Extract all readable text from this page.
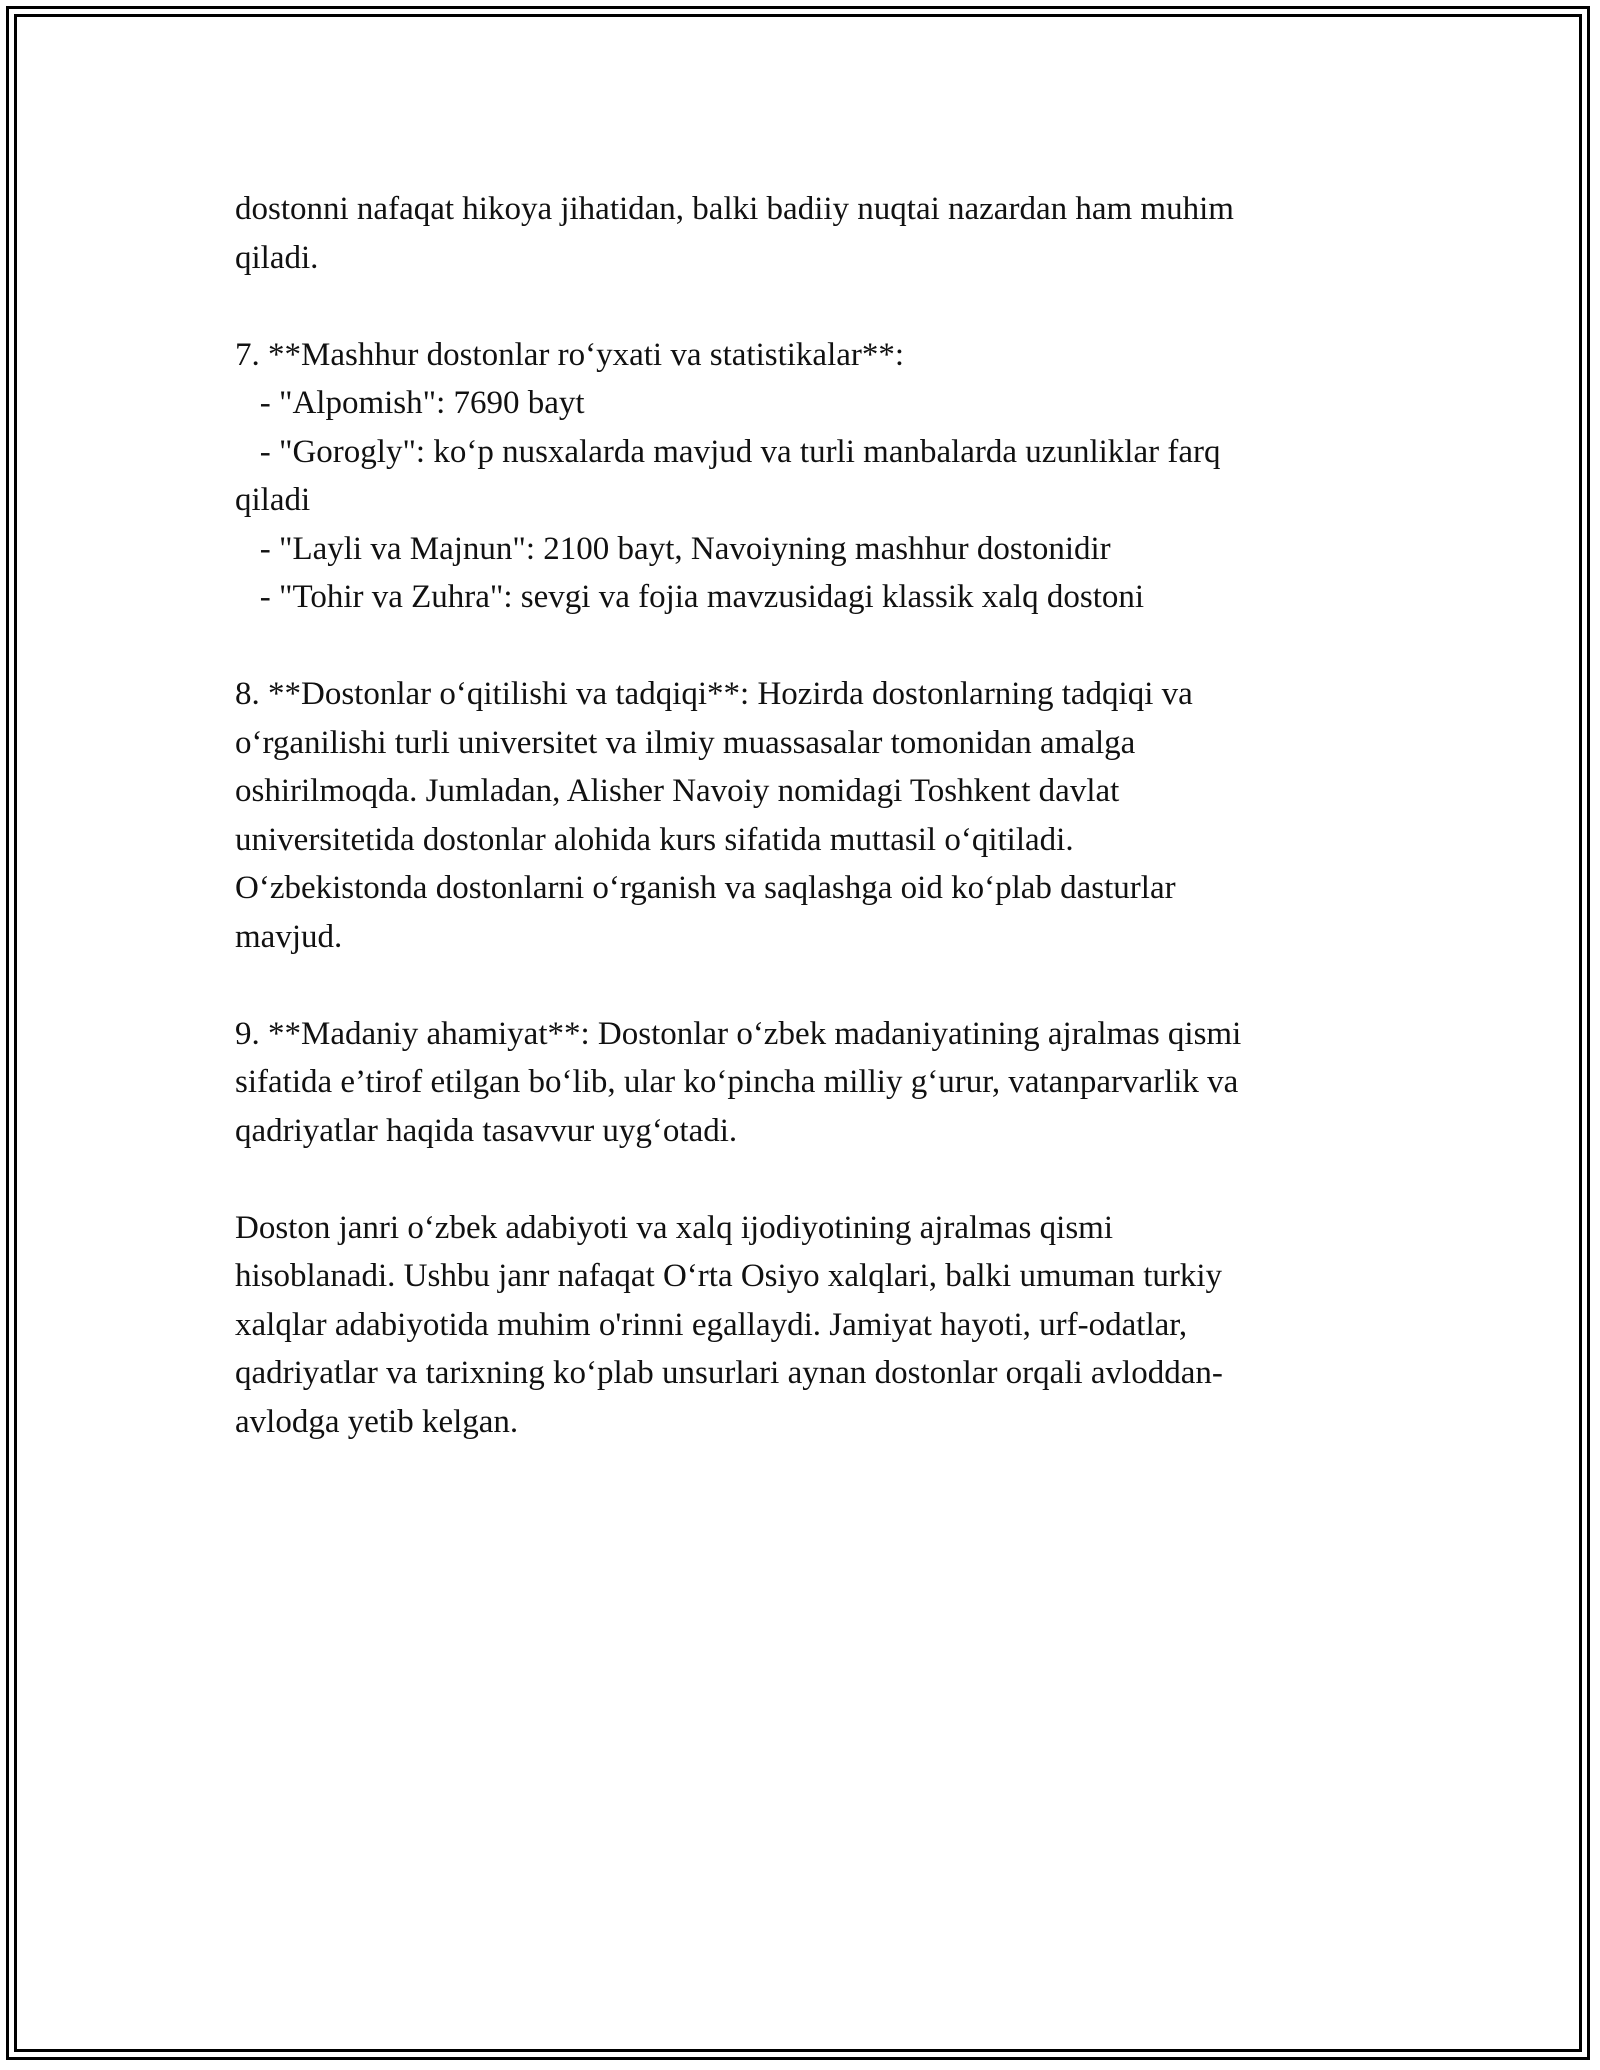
dostonni nafaqat hikoya jihatidan, balki badiiy nuqtai nazardan ham muhim

qiladi.

7. **Mashhur dostonlar ro‘yxati va statistikalar**:

- "Alpomish": 7690 bayt

- "Gorogly": ko‘p nusxalarda mavjud va turli manbalarda uzunliklar farq

qiladi

- "Layli va Majnun": 2100 bayt, Navoiyning mashhur dostonidir

- "Tohir va Zuhra": sevgi va fojia mavzusidagi klassik xalq dostoni

8. **Dostonlar o‘qitilishi va tadqiqi**: Hozirda dostonlarning tadqiqi va

o‘rganilishi turli universitet va ilmiy muassasalar tomonidan amalga

oshirilmoqda. Jumladan, Alisher Navoiy nomidagi Toshkent davlat

universitetida dostonlar alohida kurs sifatida muttasil o‘qitiladi.

O‘zbekistonda dostonlarni o‘rganish va saqlashga oid ko‘plab dasturlar

mavjud.

9. **Madaniy ahamiyat**: Dostonlar o‘zbek madaniyatining ajralmas qismi

sifatida e’tirof etilgan bo‘lib, ular ko‘pincha milliy g‘urur, vatanparvarlik va

qadriyatlar haqida tasavvur uyg‘otadi.

Doston janri o‘zbek adabiyoti va xalq ijodiyotining ajralmas qismi

hisoblanadi. Ushbu janr nafaqat O‘rta Osiyo xalqlari, balki umuman turkiy

xalqlar adabiyotida muhim o'rinni egallaydi. Jamiyat hayoti, urf-odatlar,

qadriyatlar va tarixning ko‘plab unsurlari aynan dostonlar orqali avloddan-

avlodga yetib kelgan.
